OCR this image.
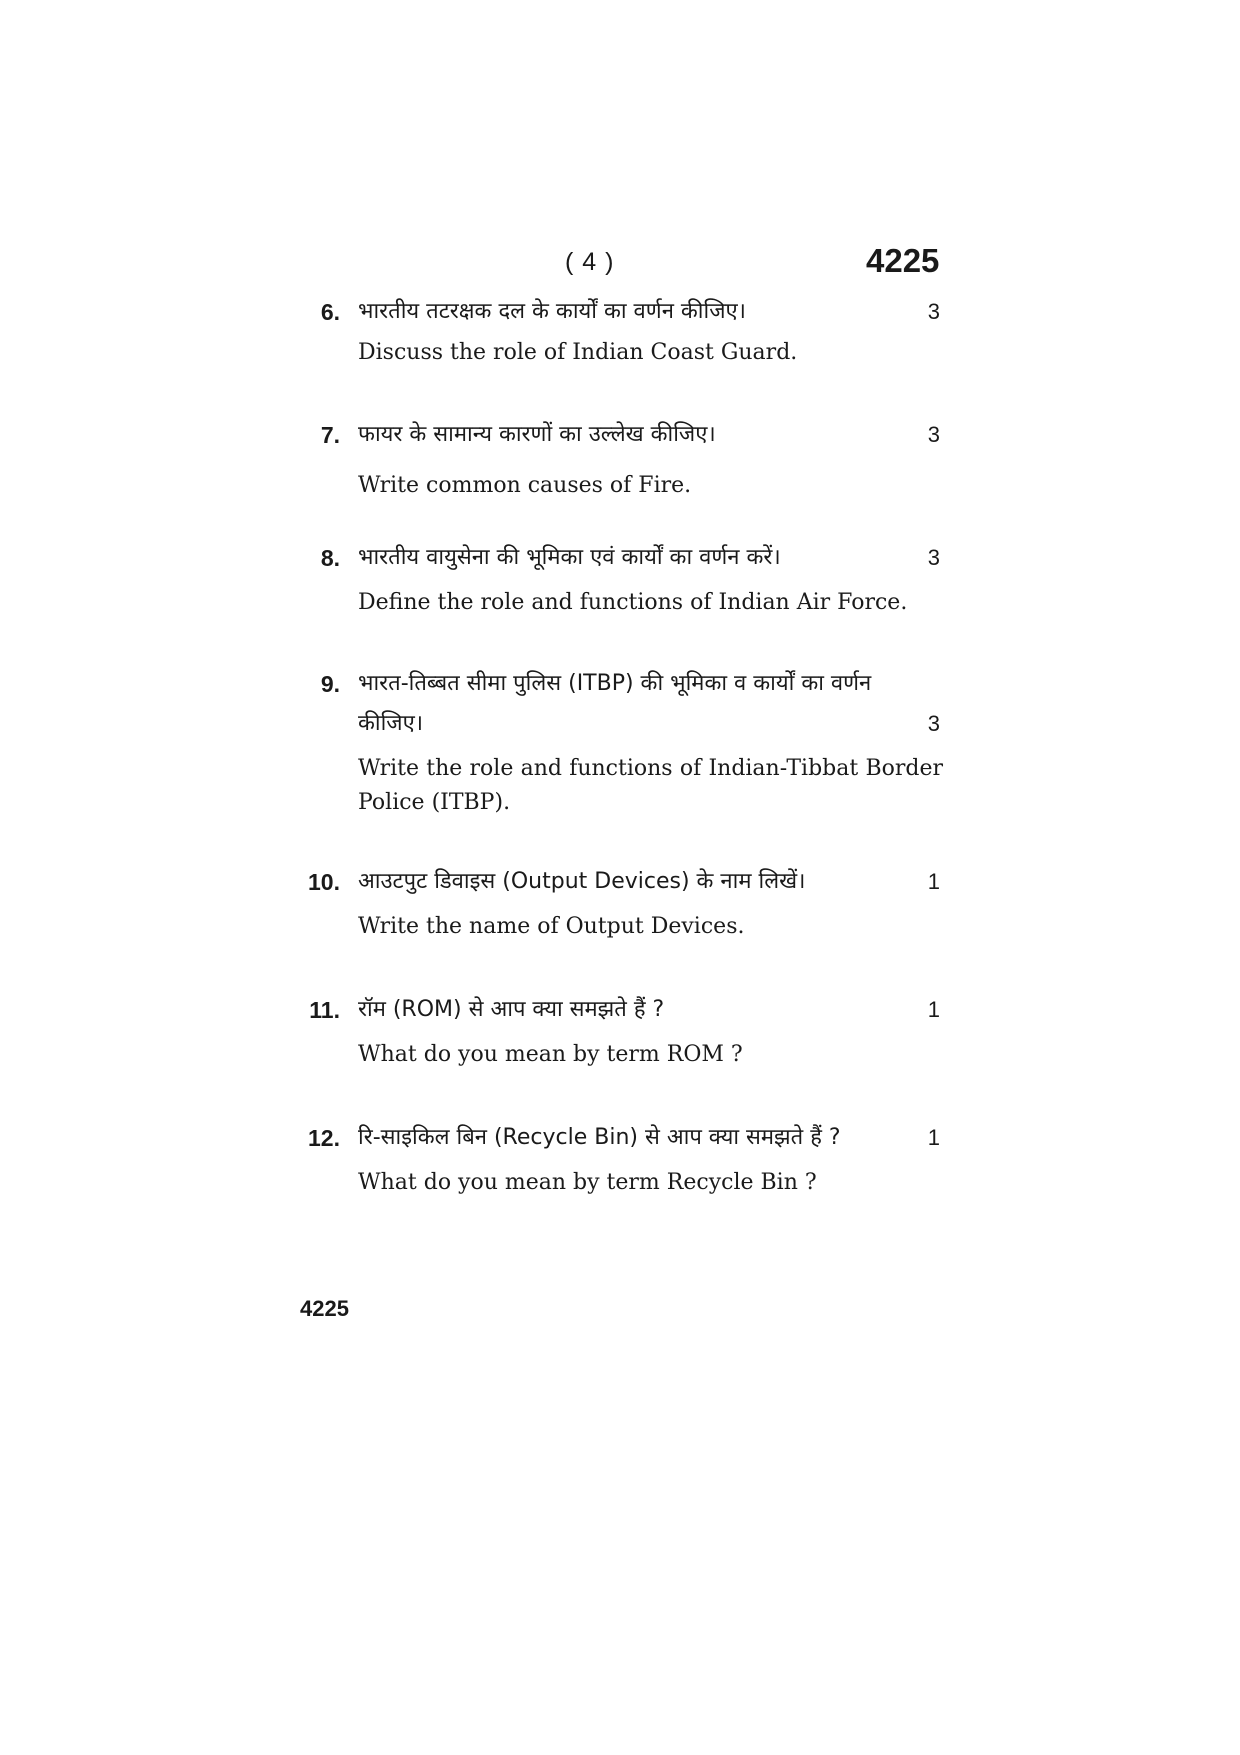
( 4 )	4225
6. भारतीय तटरक्षक दल के कार्यों का वर्णन कीजिए।	3
Discuss the role of Indian Coast Guard.
7. फायर के सामान्य कारणों का उल्लेख कीजिए।	3
Write common causes of Fire.
8. भारतीय वायुसेना की भूमिका एवं कार्यों का वर्णन करें।	3
Define the role and functions of Indian Air Force.
9. भारत-तिब्बत सीमा पुलिस (ITBP) की भूमिका व कार्यों का वर्णन
कीजिए।	3
Write the role and functions of Indian-Tibbat Border Police (ITBP).
10. आउटपुट डिवाइस (Output Devices) के नाम लिखें।	1
Write the name of Output Devices.
11. रॉम (ROM) से आप क्या समझते हैं ?	1
What do you mean by term ROM ?
12. रि-साइकिल बिन (Recycle Bin) से आप क्या समझते हैं ?	1
What do you mean by term Recycle Bin ?
4225
